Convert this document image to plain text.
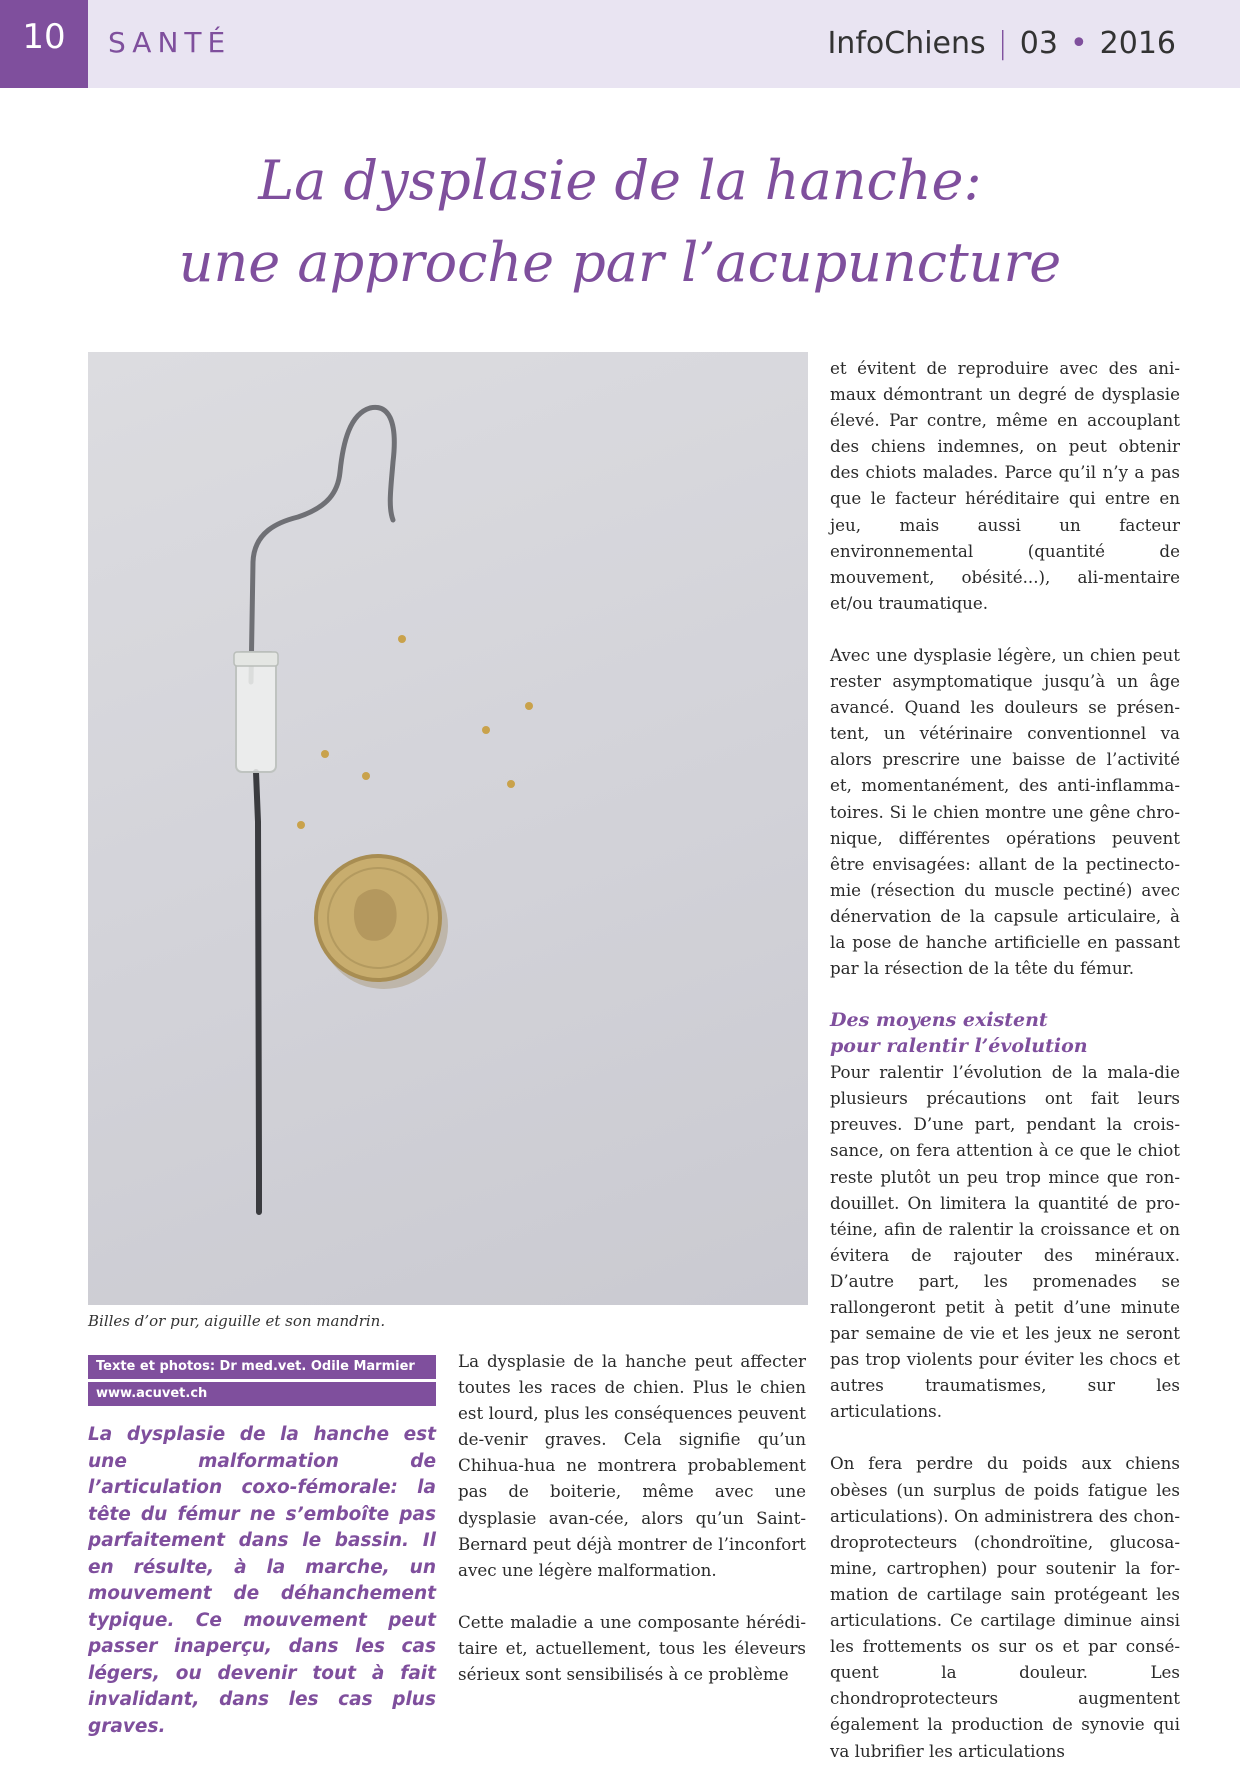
10	SANTÉ	InfoChiens | 03 • 2016
La dysplasie de la hanche:
une approche par l’acupuncture
Billes d’or pur, aiguille et son mandrin.
Texte et photos: Dr med.vet. Odile Marmier
www.acuvet.ch

La dysplasie de la hanche est une malformation de l’articulation coxo-fémorale: la tête du fémur ne s’emboîte pas parfaitement dans le bassin. Il en résulte, à la marche, un mouvement de déhanchement typique. Ce mouvement peut passer inaperçu, dans les cas légers, ou devenir tout à fait invalidant, dans les cas plus graves.

La dysplasie de la hanche peut affecter toutes les races de chien. Plus le chien est lourd, plus les conséquences peuvent de-venir graves. Cela signifie qu’un Chihua-hua ne montrera probablement pas de boiterie, même avec une dysplasie avan-cée, alors qu’un Saint-Bernard peut déjà montrer de l’inconfort avec une légère malformation.

Cette maladie a une composante hérédi-taire et, actuellement, tous les éleveurs sérieux sont sensibilisés à ce problème

et évitent de reproduire avec des ani-maux démontrant un degré de dysplasie élevé. Par contre, même en accouplant des chiens indemnes, on peut obtenir des chiots malades. Parce qu’il n’y a pas que le facteur héréditaire qui entre en jeu, mais aussi un facteur environnemental (quantité de mouvement, obésité...), ali-mentaire et/ou traumatique.

Avec une dysplasie légère, un chien peut rester asymptomatique jusqu’à un âge avancé. Quand les douleurs se présen-tent, un vétérinaire conventionnel va alors prescrire une baisse de l’activité et, momentanément, des anti-inflamma-toires. Si le chien montre une gêne chro-nique, différentes opérations peuvent être envisagées: allant de la pectinecto-mie (résection du muscle pectiné) avec dénervation de la capsule articulaire, à la pose de hanche artificielle en passant par la résection de la tête du fémur.

Des moyens existent
pour ralentir l’évolution

Pour ralentir l’évolution de la mala-die plusieurs précautions ont fait leurs preuves. D’une part, pendant la crois-sance, on fera attention à ce que le chiot reste plutôt un peu trop mince que ron-douillet. On limitera la quantité de pro-téine, afin de ralentir la croissance et on évitera de rajouter des minéraux. D’autre part, les promenades se rallongeront petit à petit d’une minute par semaine de vie et les jeux ne seront pas trop violents pour éviter les chocs et autres traumatismes, sur les articulations.

On fera perdre du poids aux chiens obèses (un surplus de poids fatigue les articulations). On administrera des chon-droprotecteurs (chondroïtine, glucosa-mine, cartrophen) pour soutenir la for-mation de cartilage sain protégeant les articulations. Ce cartilage diminue ainsi les frottements os sur os et par consé-quent la douleur. Les chondroprotecteurs augmentent également la production de synovie qui va lubrifier les articulations
